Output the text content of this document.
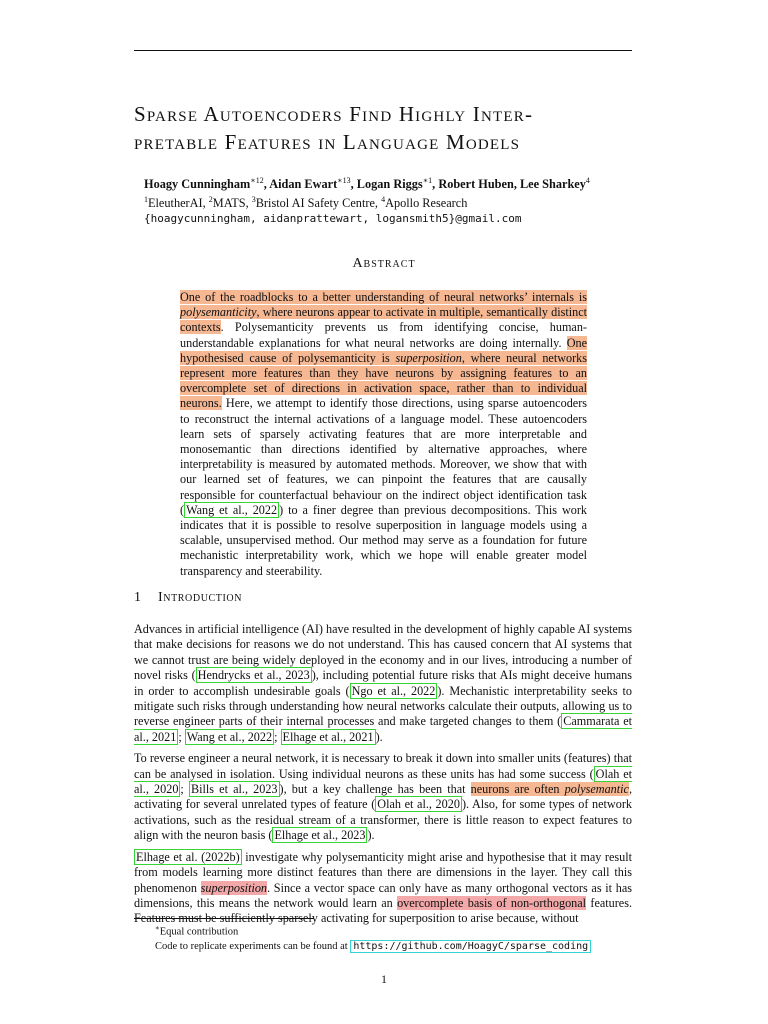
Sparse Autoencoders Find Highly Inter-
pretable Features in Language Models
Hoagy Cunningham$^{∗12}$, Aidan Ewart$^{∗13}$, Logan Riggs$^{∗1}$, Robert Huben, Lee Sharkey$^4$
$^1$EleutherAI, $^2$MATS, $^3$Bristol AI Safety Centre, $^4$Apollo Research
{hoagycunningham, aidanprattewart, logansmith5}@gmail.com
Abstract
One of the roadblocks to a better understanding of neural networks’ internals is polysemanticity, where neurons appear to activate in multiple, semantically distinct contexts. Polysemanticity prevents us from identifying concise, human-understandable explanations for what neural networks are doing internally. One hypothesised cause of polysemanticity is superposition, where neural networks represent more features than they have neurons by assigning features to an overcomplete set of directions in activation space, rather than to individual neurons. Here, we attempt to identify those directions, using sparse autoencoders to reconstruct the internal activations of a language model. These autoencoders learn sets of sparsely activating features that are more interpretable and monosemantic than directions identified by alternative approaches, where interpretability is measured by automated methods. Moreover, we show that with our learned set of features, we can pinpoint the features that are causally responsible for counterfactual behaviour on the indirect object identification task ( Wang et al., 2022 ) to a finer degree than previous decompositions. This work indicates that it is possible to resolve superposition in language models using a scalable, unsupervised method. Our method may serve as a foundation for future mechanistic interpretability work, which we hope will enable greater model transparency and steerability.
1 Introduction

Advances in artificial intelligence (AI) have resulted in the development of highly capable AI systems that make decisions for reasons we do not understand. This has caused concern that AI systems that we cannot trust are being widely deployed in the economy and in our lives, introducing a number of novel risks ( Hendrycks et al., 2023 ), including potential future risks that AIs might deceive humans in order to accomplish undesirable goals ( Ngo et al., 2022 ). Mechanistic interpretability seeks to mitigate such risks through understanding how neural networks calculate their outputs, allowing us to reverse engineer parts of their internal processes and make targeted changes to them ( Cammarata et al., 2021 ; Wang et al., 2022 ; Elhage et al., 2021 ).

To reverse engineer a neural network, it is necessary to break it down into smaller units (features) that can be analysed in isolation. Using individual neurons as these units has had some success ( Olah et al., 2020 ; Bills et al., 2023 ), but a key challenge has been that neurons are often polysemantic, activating for several unrelated types of feature ( Olah et al., 2020 ). Also, for some types of network activations, such as the residual stream of a transformer, there is little reason to expect features to align with the neuron basis ( Elhage et al., 2023 ).

Elhage et al. (2022b) investigate why polysemanticity might arise and hypothesise that it may result from models learning more distinct features than there are dimensions in the layer. They call this phenomenon superposition. Since a vector space can only have as many orthogonal vectors as it has dimensions, this means the network would learn an overcomplete basis of non-orthogonal features. Features must be sufficiently sparsely activating for superposition to arise because, without

∗Equal contribution
Code to replicate experiments can be found at https://github.com/HoagyC/sparse_coding
1
